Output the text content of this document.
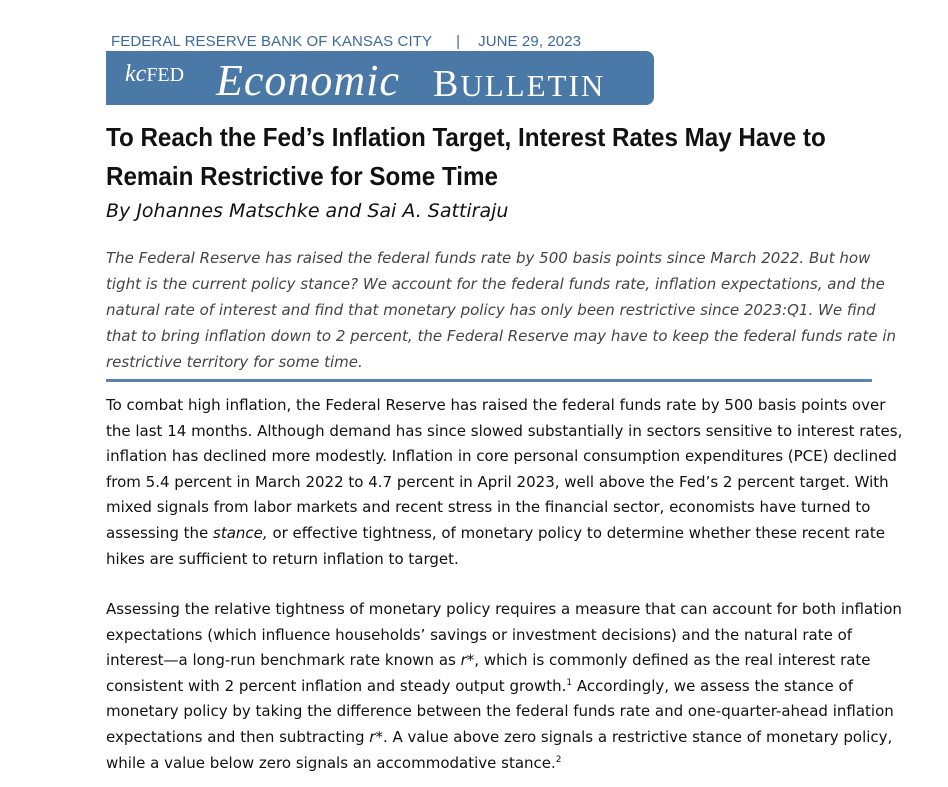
FEDERAL RESERVE BANK OF KANSAS CITY | JUNE 29, 2023
kcFED Economic BULLETIN
To Reach the Fed’s Inflation Target, Interest Rates May Have to
Remain Restrictive for Some Time

By Johannes Matschke and Sai A. Sattiraju

The Federal Reserve has raised the federal funds rate by 500 basis points since March 2022. But how tight is the current policy stance? We account for the federal funds rate, inflation expectations, and the natural rate of interest and find that monetary policy has only been restrictive since 2023:Q1. We find that to bring inflation down to 2 percent, the Federal Reserve may have to keep the federal funds rate in restrictive territory for some time.

To combat high inflation, the Federal Reserve has raised the federal funds rate by 500 basis points over the last 14 months. Although demand has since slowed substantially in sectors sensitive to interest rates, inflation has declined more modestly. Inflation in core personal consumption expenditures (PCE) declined from 5.4 percent in March 2022 to 4.7 percent in April 2023, well above the Fed’s 2 percent target. With mixed signals from labor markets and recent stress in the financial sector, economists have turned to assessing the stance, or effective tightness, of monetary policy to determine whether these recent rate hikes are sufficient to return inflation to target.

Assessing the relative tightness of monetary policy requires a measure that can account for both inflation expectations (which influence households’ savings or investment decisions) and the natural rate of interest—a long-run benchmark rate known as r*, which is commonly defined as the real interest rate consistent with 2 percent inflation and steady output growth.$^1$ Accordingly, we assess the stance of monetary policy by taking the difference between the federal funds rate and one-quarter-ahead inflation expectations and then subtracting r*. A value above zero signals a restrictive stance of monetary policy, while a value below zero signals an accommodative stance.$^2$
